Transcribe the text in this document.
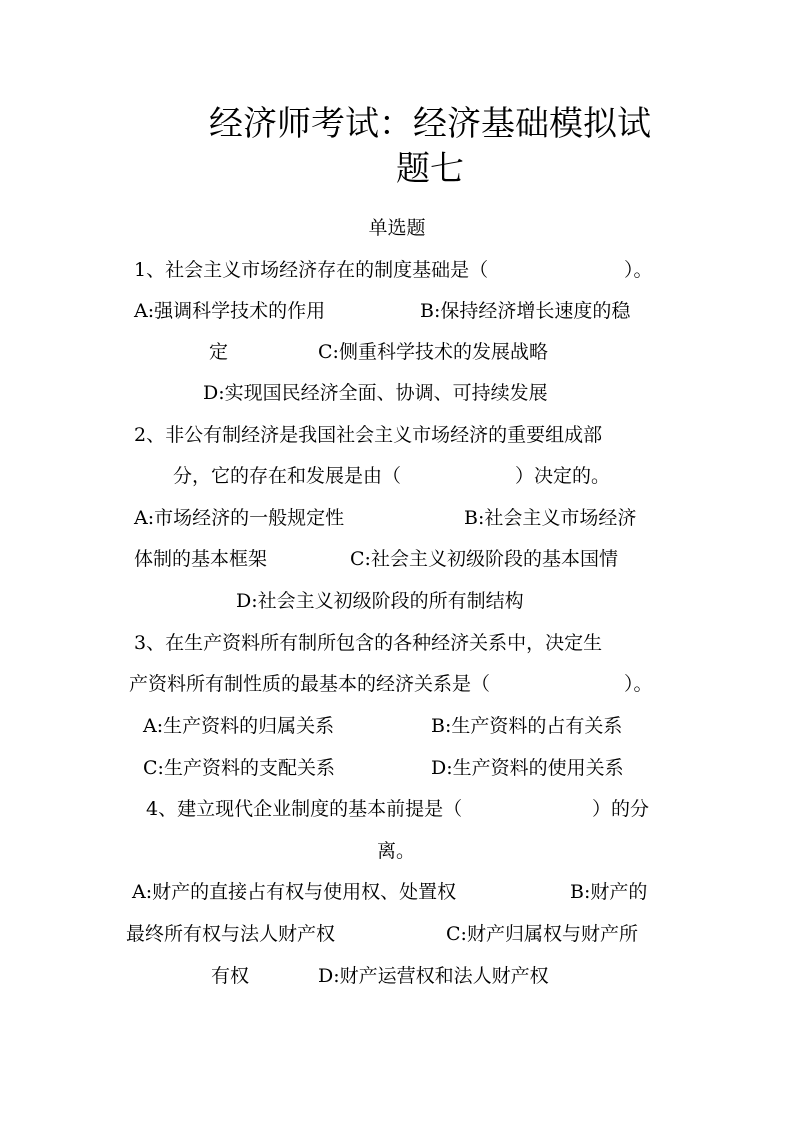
经济师考试：经济基础模拟试
题七
单选题
1、社会主义市场经济存在的制度基础是（	）。
A:强调科学技术的作用	B:保持经济增长速度的稳
定	C:侧重科学技术的发展战略
D:实现国民经济全面、协调、可持续发展
2、非公有制经济是我国社会主义市场经济的重要组成部
分，它的存在和发展是由（	）决定的。
A:市场经济的一般规定性	B:社会主义市场经济
体制的基本框架	C:社会主义初级阶段的基本国情
D:社会主义初级阶段的所有制结构
3、在生产资料所有制所包含的各种经济关系中，决定生
产资料所有制性质的最基本的经济关系是（	）。
A:生产资料的归属关系	B:生产资料的占有关系
C:生产资料的支配关系	D:生产资料的使用关系
4、建立现代企业制度的基本前提是（	）的分
离。
A:财产的直接占有权与使用权、处置权	B:财产的
最终所有权与法人财产权	C:财产归属权与财产所
有权	D:财产运营权和法人财产权
